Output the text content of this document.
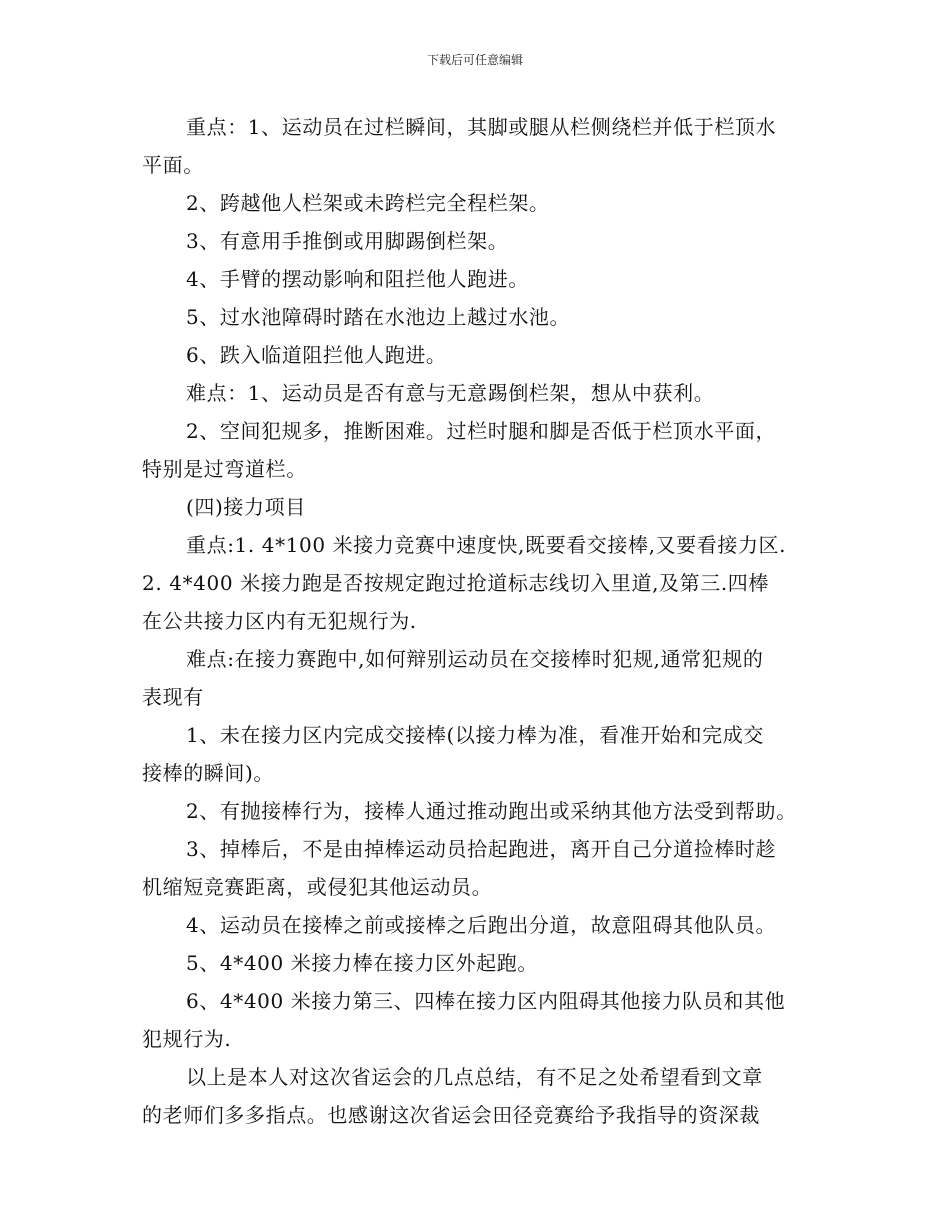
下载后可任意编辑

重点：1、运动员在过栏瞬间，其脚或腿从栏侧绕栏并低于栏顶水

平面。

2、跨越他人栏架或未跨栏完全程栏架。

3、有意用手推倒或用脚踢倒栏架。

4、手臂的摆动影响和阻拦他人跑进。

5、过水池障碍时踏在水池边上越过水池。

6、跌入临道阻拦他人跑进。

难点：1、运动员是否有意与无意踢倒栏架，想从中获利。

2、空间犯规多，推断困难。过栏时腿和脚是否低于栏顶水平面，

特别是过弯道栏。

(四)接力项目

重点:1. 4*100 米接力竞赛中速度快,既要看交接棒,又要看接力区.

2. 4*400 米接力跑是否按规定跑过抢道标志线切入里道,及第三.四棒

在公共接力区内有无犯规行为.

难点:在接力赛跑中,如何辩别运动员在交接棒时犯规,通常犯规的

表现有

1、未在接力区内完成交接棒(以接力棒为准，看准开始和完成交

接棒的瞬间)。

2、有抛接棒行为，接棒人通过推动跑出或采纳其他方法受到帮助。

3、掉棒后，不是由掉棒运动员拾起跑进，离开自己分道捡棒时趁

机缩短竞赛距离，或侵犯其他运动员。

4、运动员在接棒之前或接棒之后跑出分道，故意阻碍其他队员。

5、4*400 米接力棒在接力区外起跑。

6、4*400 米接力第三、四棒在接力区内阻碍其他接力队员和其他

犯规行为.

以上是本人对这次省运会的几点总结，有不足之处希望看到文章

的老师们多多指点。也感谢这次省运会田径竞赛给予我指导的资深裁
